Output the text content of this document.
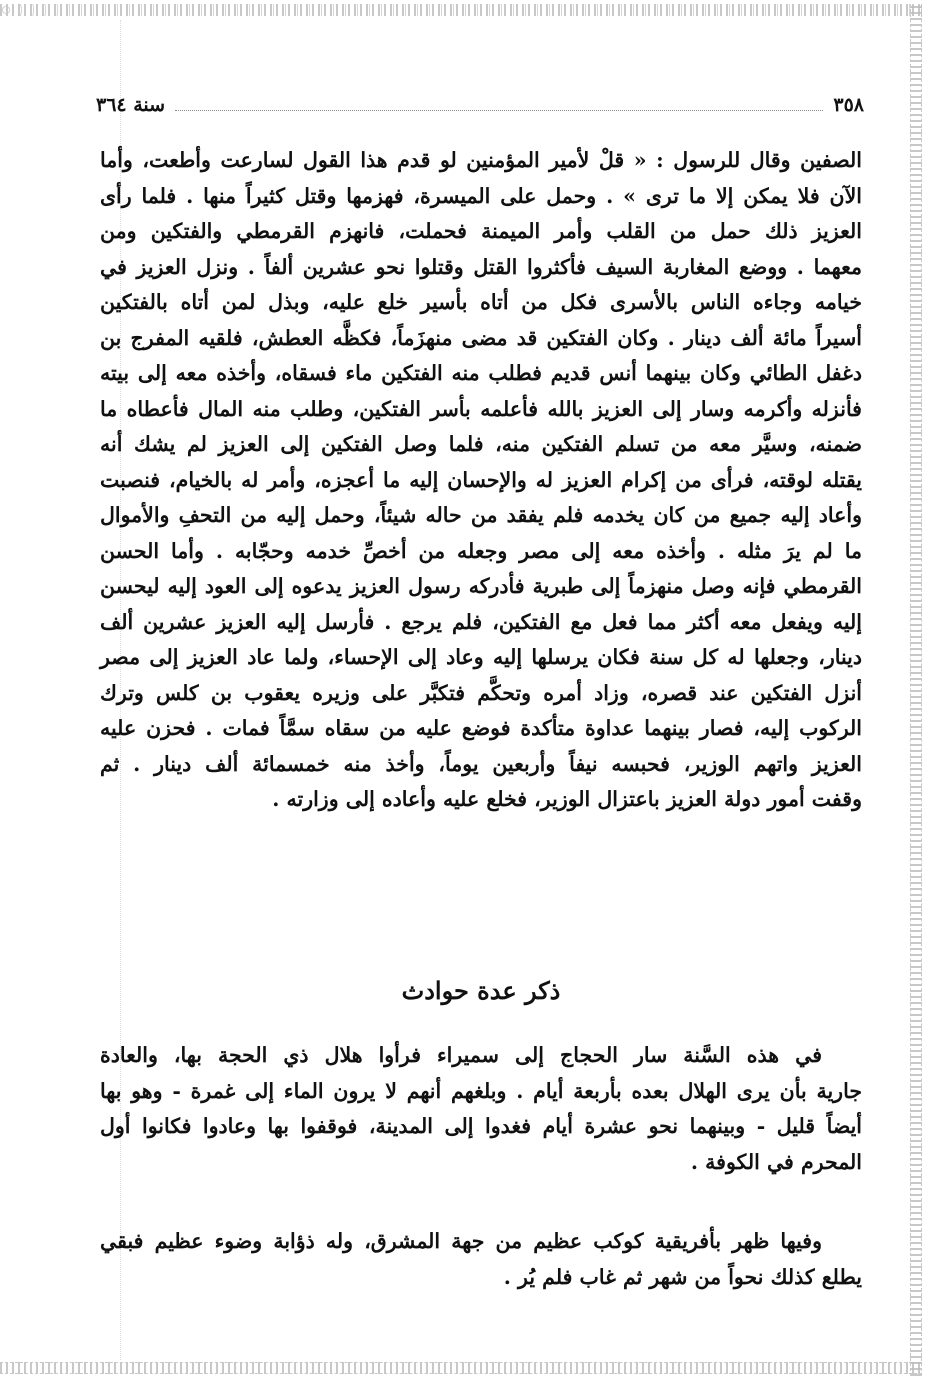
٣٥٨
سنة ٣٦٤
الصفين وقال للرسول : « قلْ لأمير المؤمنين لو قدم هذا القول لسارعت وأطعت، وأما
الآن فلا يمكن إلا ما ترى » . وحمل على الميسرة، فهزمها وقتل كثيراً منها . فلما رأى
العزيز ذلك حمل من القلب وأمر الميمنة فحملت، فانهزم القرمطي والفتكين ومن
معهما . ووضع المغاربة السيف فأكثروا القتل وقتلوا نحو عشرين ألفاً . ونزل العزيز في
خيامه وجاءه الناس بالأسرى فكل من أتاه بأسير خلع عليه، وبذل لمن أتاه بالفتكين
أسيراً مائة ألف دينار . وكان الفتكين قد مضى منهزَماً، فكظَّه العطش، فلقيه المفرج بن
دغفل الطائي وكان بينهما أنس قديم فطلب منه الفتكين ماء فسقاه، وأخذه معه إلى بيته
فأنزله وأكرمه وسار إلى العزيز بالله فأعلمه بأسر الفتكين، وطلب منه المال فأعطاه ما
ضمنه، وسيَّر معه من تسلم الفتكين منه، فلما وصل الفتكين إلى العزيز لم يشك أنه
يقتله لوقته، فرأى من إكرام العزيز له والإحسان إليه ما أعجزه، وأمر له بالخيام، فنصبت
وأعاد إليه جميع من كان يخدمه فلم يفقد من حاله شيئاً، وحمل إليه من التحفِ والأموال
ما لم يرَ مثله . وأخذه معه إلى مصر وجعله من أخصِّ خدمه وحجّابه . وأما الحسن
القرمطي فإنه وصل منهزماً إلى طبرية فأدركه رسول العزيز يدعوه إلى العود إليه ليحسن
إليه ويفعل معه أكثر مما فعل مع الفتكين، فلم يرجع . فأرسل إليه العزيز عشرين ألف
دينار، وجعلها له كل سنة فكان يرسلها إليه وعاد إلى الإحساء، ولما عاد العزيز إلى مصر
أنزل الفتكين عند قصره، وزاد أمره وتحكَّم فتكبَّر على وزيره يعقوب بن كلس وترك
الركوب إليه، فصار بينهما عداوة متأكدة فوضع عليه من سقاه سمَّاً فمات . فحزن عليه
العزيز واتهم الوزير، فحبسه نيفاً وأربعين يوماً، وأخذ منه خمسمائة ألف دينار . ثم
وقفت أمور دولة العزيز باعتزال الوزير، فخلع عليه وأعاده إلى وزارته .
ذكر عدة حوادث
في هذه السَّنة سار الحجاج إلى سميراء فرأوا هلال ذي الحجة بها، والعادة
جارية بأن يرى الهلال بعده بأربعة أيام . وبلغهم أنهم لا يرون الماء إلى غمرة - وهو بها
أيضاً قليل - وبينهما نحو عشرة أيام فغدوا إلى المدينة، فوقفوا بها وعادوا فكانوا أول
المحرم في الكوفة .
وفيها ظهر بأفريقية كوكب عظيم من جهة المشرق، وله ذؤابة وضوء عظيم فبقي
يطلع كذلك نحواً من شهر ثم غاب فلم يُر .
